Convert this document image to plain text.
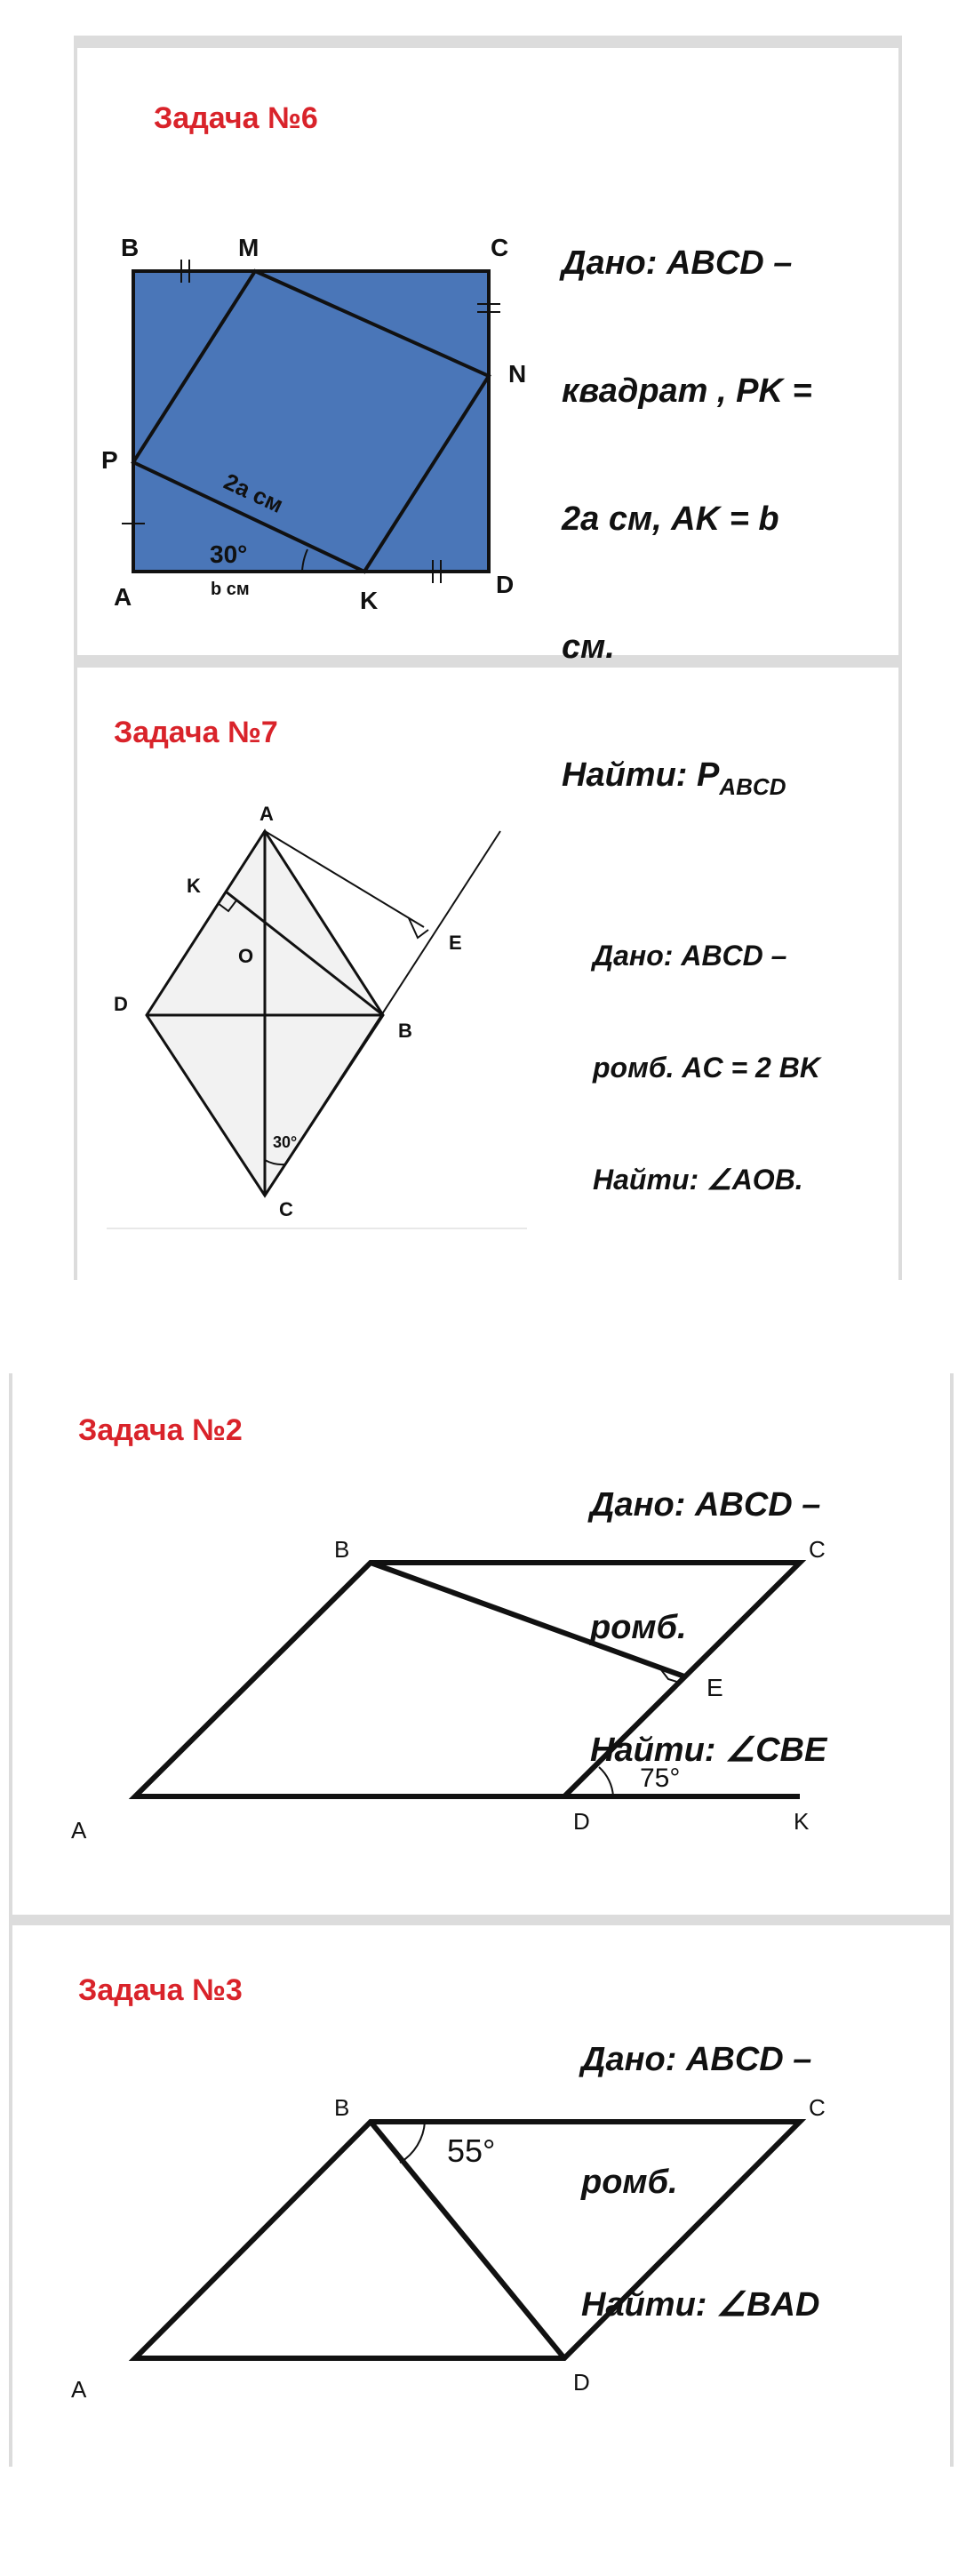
Задача №6

Дано: ABCD –

квадрат , PK =

2a см, AK = b

см.

Найти: $P_{ABCD}$

B	M	C
N
P
A	K
D
2a см
30°
b см
Задача №7

Дано: ABCD –

ромб. AC = 2 BK

Найти: ∠AOB.

A
K
O
E
D
B
30°
C
Задача №2

Дано: ABCD –

ромб.

Найти: ∠CBE

B	C
E
75°
A	D	K
Задача №3

Дано: ABCD –

ромб.

Найти: ∠BAD

B	C
55°
A	D
